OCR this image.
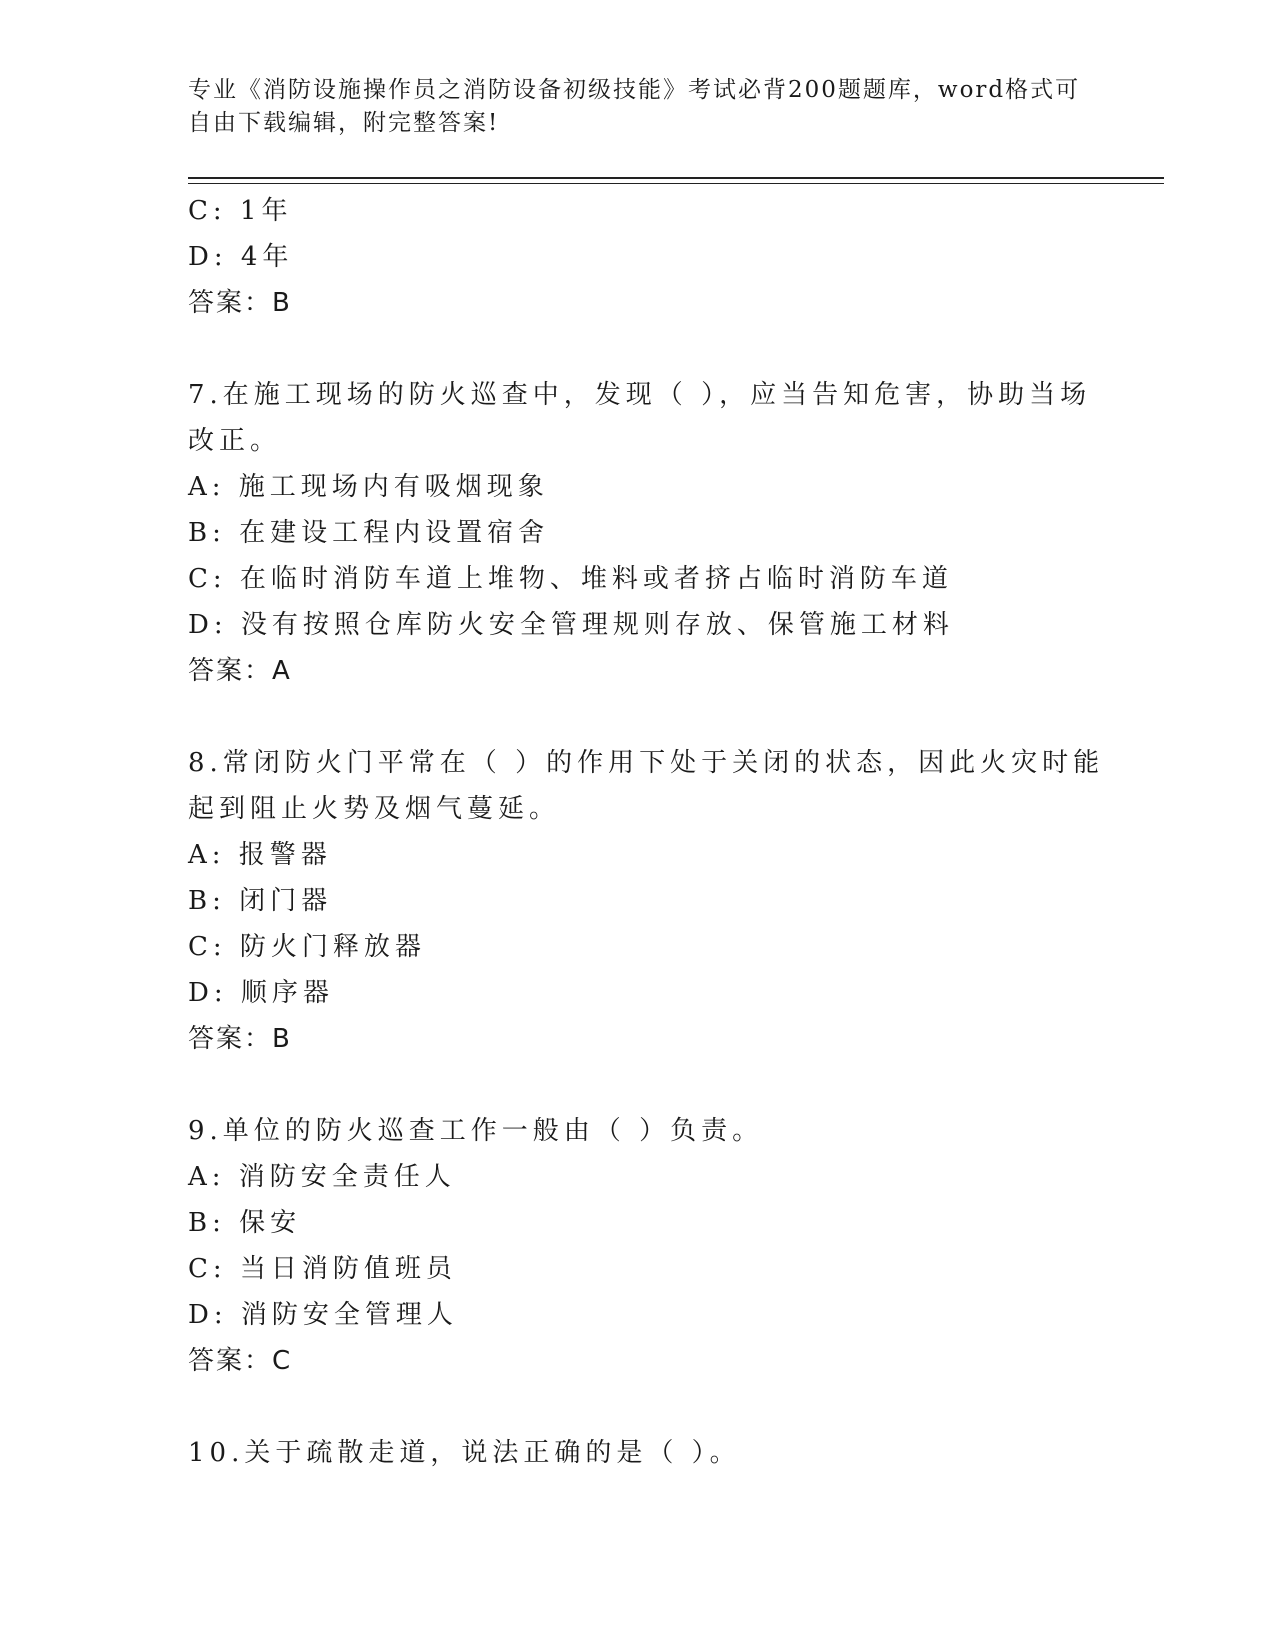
专业《消防设施操作员之消防设备初级技能》考试必背200题题库，word格式可
自由下载编辑，附完整答案!
C: 1年
D: 4年
答案：B
7.在施工现场的防火巡查中，发现（ ），应当告知危害，协助当场
改正。
A: 施工现场内有吸烟现象
B: 在建设工程内设置宿舍
C: 在临时消防车道上堆物、堆料或者挤占临时消防车道
D: 没有按照仓库防火安全管理规则存放、保管施工材料
答案：A
8.常闭防火门平常在（ ）的作用下处于关闭的状态，因此火灾时能
起到阻止火势及烟气蔓延。
A: 报警器
B: 闭门器
C: 防火门释放器
D: 顺序器
答案：B
9.单位的防火巡查工作一般由（ ）负责。
A: 消防安全责任人
B: 保安
C: 当日消防值班员
D: 消防安全管理人
答案：C
10.关于疏散走道，说法正确的是（ ）。
